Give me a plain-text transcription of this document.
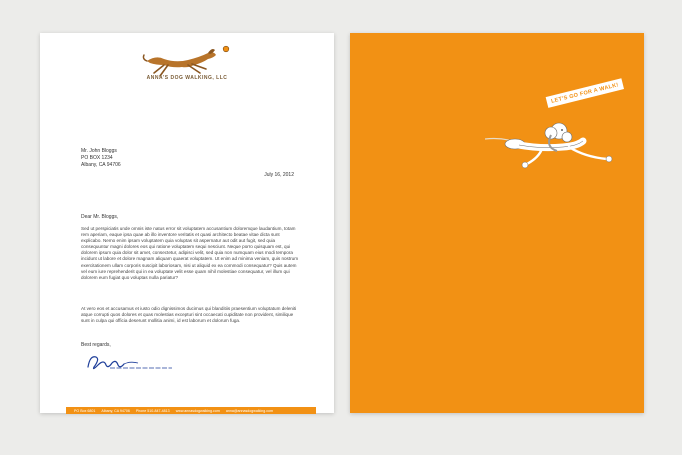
ANNA'S DOG WALKING, LLC
Mr. John Bloggs
PO BOX 1234
Albany, CA 94706
July 16, 2012
Dear Mr. Bloggs,

Sed ut perspiciatis unde omnis iste natus error sit voluptatem accusantium doloremque laudantium, totam rem aperiam, eaque ipsa quae ab illo inventore veritatis et quasi architecto beatae vitae dicta sunt explicabo. Nemo enim ipsam voluptatem quia voluptas sit aspernatur aut odit aut fugit, sed quia consequuntur magni dolores eos qui ratione voluptatem sequi nesciunt. Neque porro quisquam est, qui dolorem ipsum quia dolor sit amet, consectetur, adipisci velit, sed quia non numquam eius modi tempora incidunt ut labore et dolore magnam aliquam quaerat voluptatem. Ut enim ad minima veniam, quis nostrum exercitationem ullam corporis suscipit laboriosam, nisi ut aliquid ex ea commodi consequatur? Quis autem vel eum iure reprehenderit qui in ea voluptate velit esse quam nihil molestiae consequatur, vel illum qui dolorem eum fugiat quo voluptas nulla pariatur?

At vero eos et accusamus et iusto odio dignissimos ducimus qui blanditiis praesentium voluptatum deleniti atque corrupti quos dolores et quas molestias excepturi sint occaecati cupiditate non provident, similique sunt in culpa qui officia deserunt mollitia animi, id est laborum et dolorum fuga.

Best regards,
PO Box 6801 Albany, CA 94706 Phone 510-847-4813 www.annasdogwalking.com anna@annasdogwalking.com
LET'S GO FOR A WALK!
